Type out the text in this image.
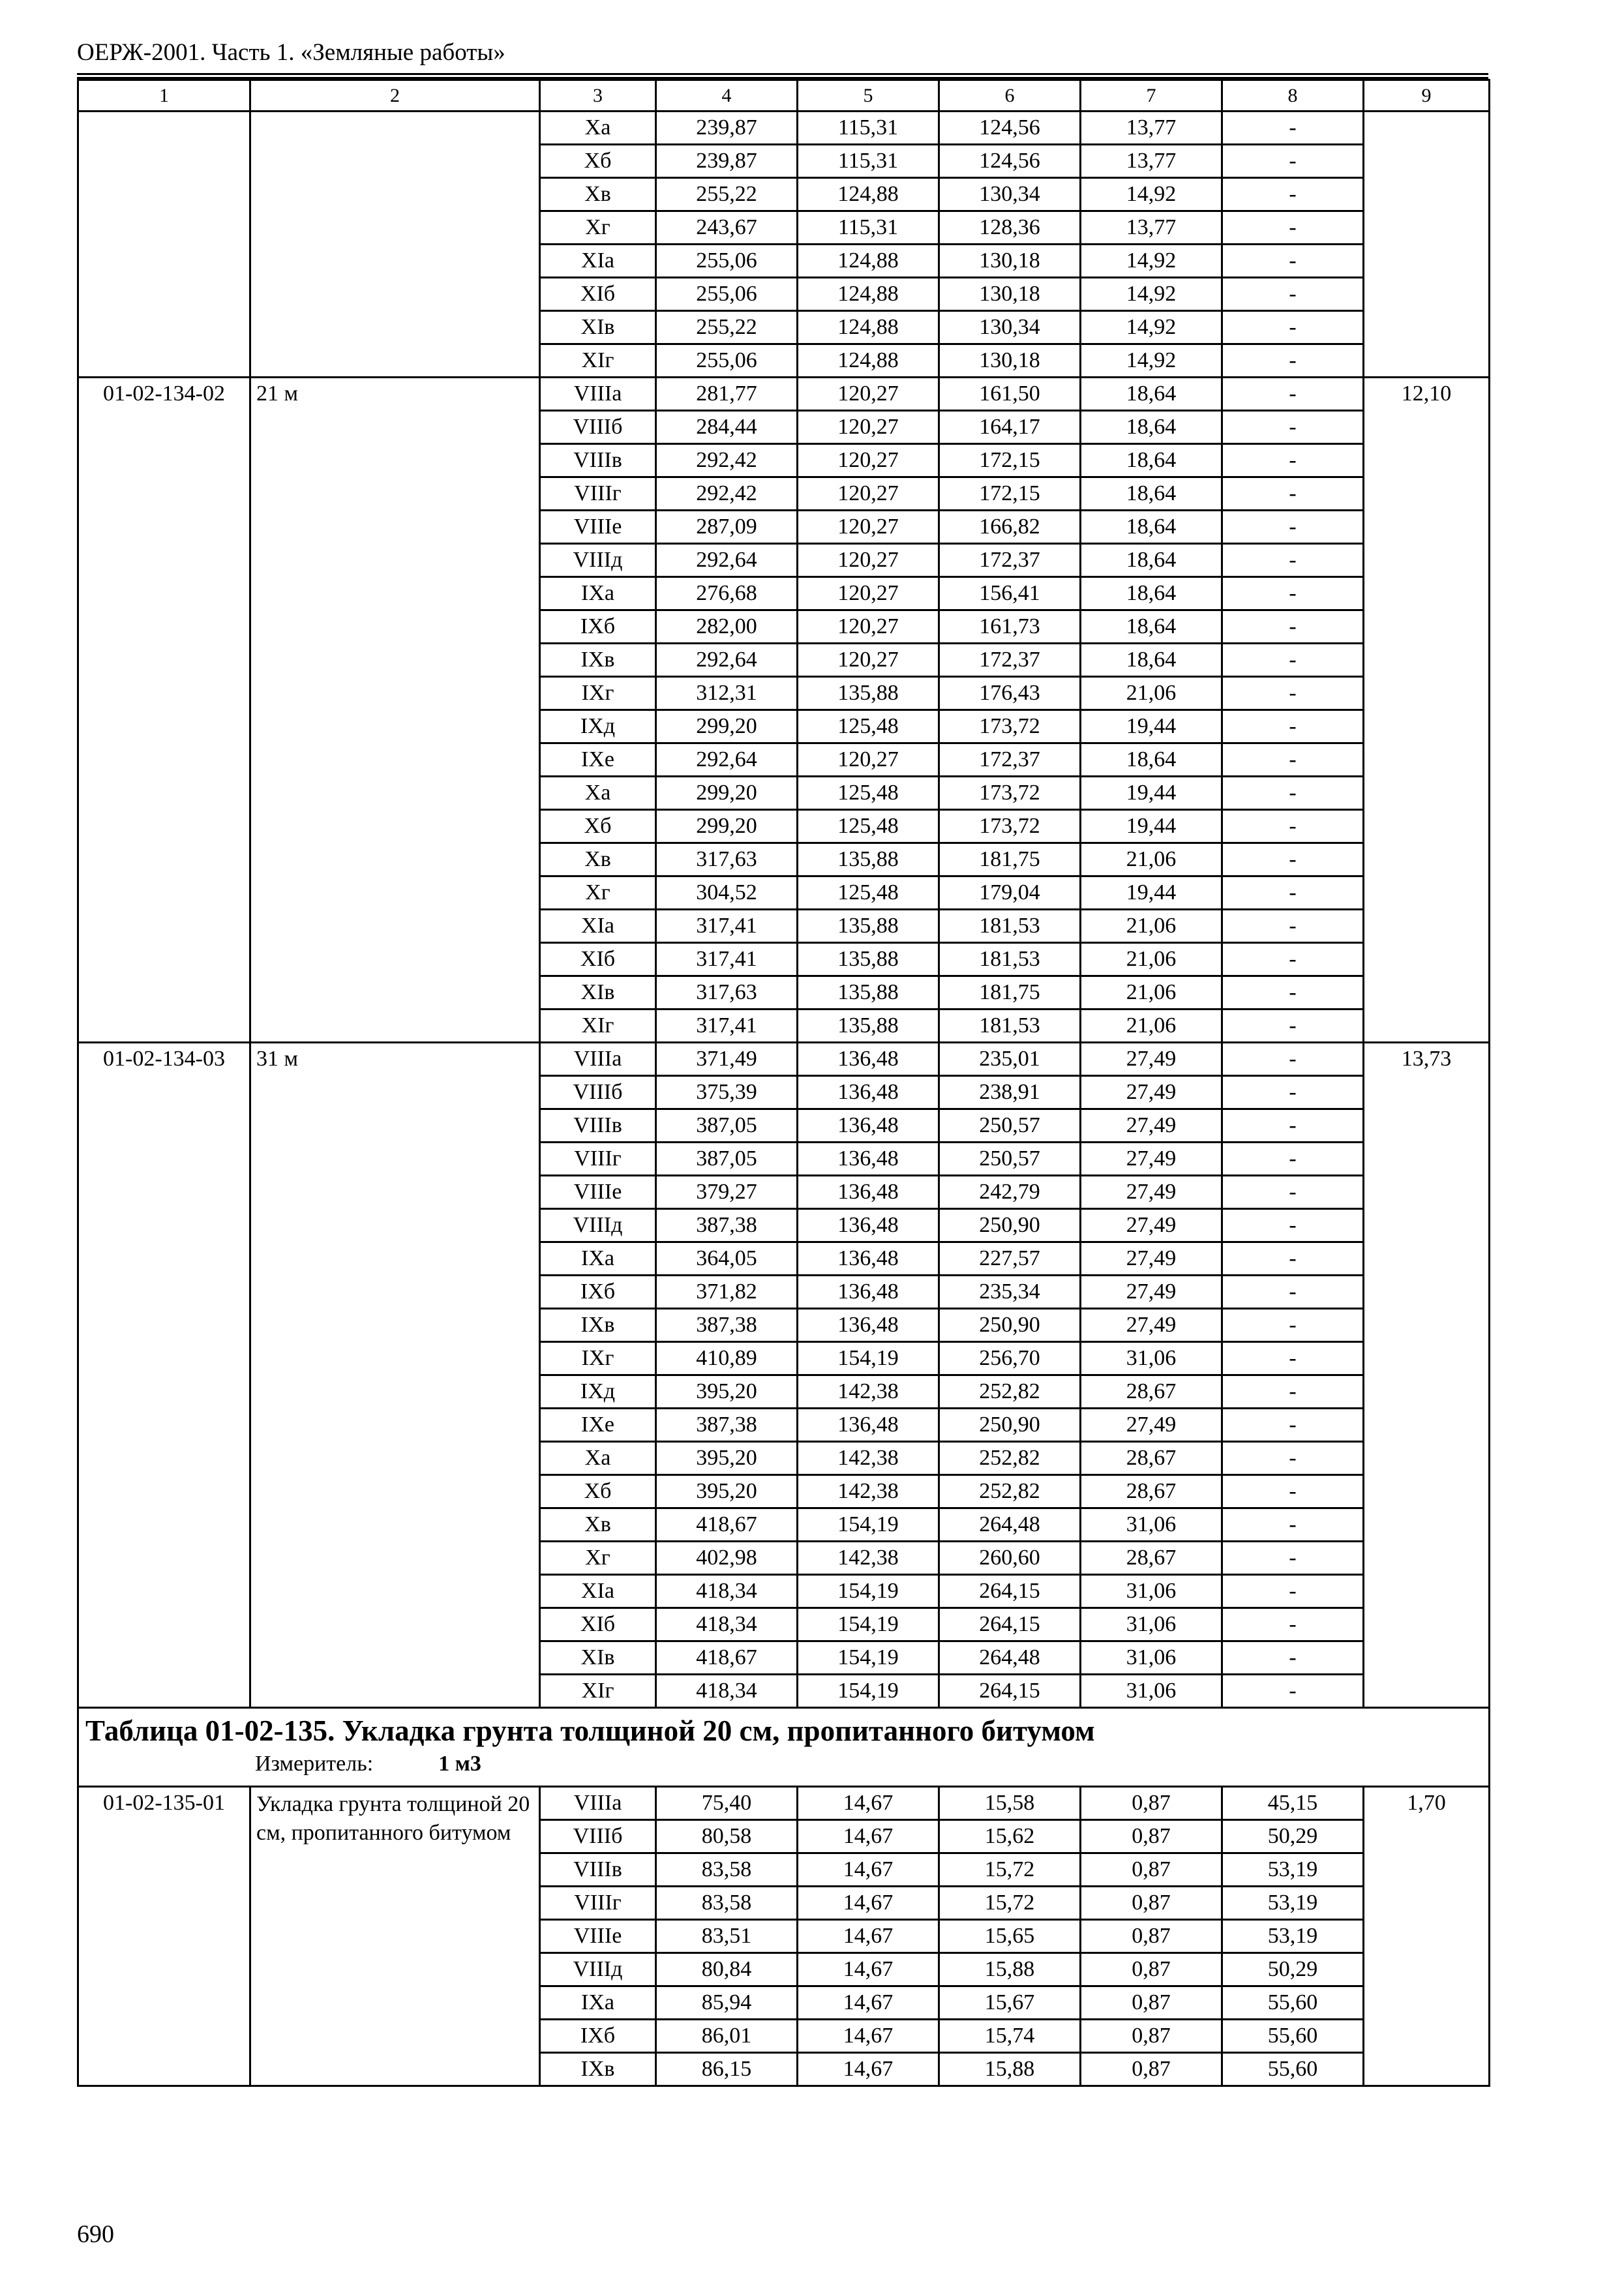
ОЕРЖ-2001. Часть 1. «Земляные работы»
1	2	3	4	5	6	7	8	9
		Xа	239,87	115,31	124,56	13,77	-	
		Xб	239,87	115,31	124,56	13,77	-	
		Xв	255,22	124,88	130,34	14,92	-	
		Xг	243,67	115,31	128,36	13,77	-	
		XIа	255,06	124,88	130,18	14,92	-	
		XIб	255,06	124,88	130,18	14,92	-	
		XIв	255,22	124,88	130,34	14,92	-	
		XIг	255,06	124,88	130,18	14,92	-	
01-02-134-02	21 м	VIIIа	281,77	120,27	161,50	18,64	-	12,10
		VIIIб	284,44	120,27	164,17	18,64	-	
		VIIIв	292,42	120,27	172,15	18,64	-	
		VIIIг	292,42	120,27	172,15	18,64	-	
		VIIIе	287,09	120,27	166,82	18,64	-	
		VIIIд	292,64	120,27	172,37	18,64	-	
		IXа	276,68	120,27	156,41	18,64	-	
		IXб	282,00	120,27	161,73	18,64	-	
		IXв	292,64	120,27	172,37	18,64	-	
		IXг	312,31	135,88	176,43	21,06	-	
		IXд	299,20	125,48	173,72	19,44	-	
		IXе	292,64	120,27	172,37	18,64	-	
		Xа	299,20	125,48	173,72	19,44	-	
		Xб	299,20	125,48	173,72	19,44	-	
		Xв	317,63	135,88	181,75	21,06	-	
		Xг	304,52	125,48	179,04	19,44	-	
		XIа	317,41	135,88	181,53	21,06	-	
		XIб	317,41	135,88	181,53	21,06	-	
		XIв	317,63	135,88	181,75	21,06	-	
		XIг	317,41	135,88	181,53	21,06	-	
01-02-134-03	31 м	VIIIа	371,49	136,48	235,01	27,49	-	13,73
		VIIIб	375,39	136,48	238,91	27,49	-	
		VIIIв	387,05	136,48	250,57	27,49	-	
		VIIIг	387,05	136,48	250,57	27,49	-	
		VIIIе	379,27	136,48	242,79	27,49	-	
		VIIIд	387,38	136,48	250,90	27,49	-	
		IXа	364,05	136,48	227,57	27,49	-	
		IXб	371,82	136,48	235,34	27,49	-	
		IXв	387,38	136,48	250,90	27,49	-	
		IXг	410,89	154,19	256,70	31,06	-	
		IXд	395,20	142,38	252,82	28,67	-	
		IXе	387,38	136,48	250,90	27,49	-	
		Xа	395,20	142,38	252,82	28,67	-	
		Xб	395,20	142,38	252,82	28,67	-	
		Xв	418,67	154,19	264,48	31,06	-	
		Xг	402,98	142,38	260,60	28,67	-	
		XIа	418,34	154,19	264,15	31,06	-	
		XIб	418,34	154,19	264,15	31,06	-	
		XIв	418,67	154,19	264,48	31,06	-	
		XIг	418,34	154,19	264,15	31,06	-	

Таблица 01-02-135. Укладка грунта толщиной 20 см, пропитанного битумом
Измеритель: 1 м3								

01-02-135-01	Укладка грунта толщиной 20 см, пропитанного битумом	VIIIа	75,40	14,67	15,58	0,87	45,15	1,70
		VIIIб	80,58	14,67	15,62	0,87	50,29	
		VIIIв	83,58	14,67	15,72	0,87	53,19	
		VIIIг	83,58	14,67	15,72	0,87	53,19	
		VIIIе	83,51	14,67	15,65	0,87	53,19	
		VIIIд	80,84	14,67	15,88	0,87	50,29	
		IXа	85,94	14,67	15,67	0,87	55,60	
		IXб	86,01	14,67	15,74	0,87	55,60	
		IXв	86,15	14,67	15,88	0,87	55,60	
690
